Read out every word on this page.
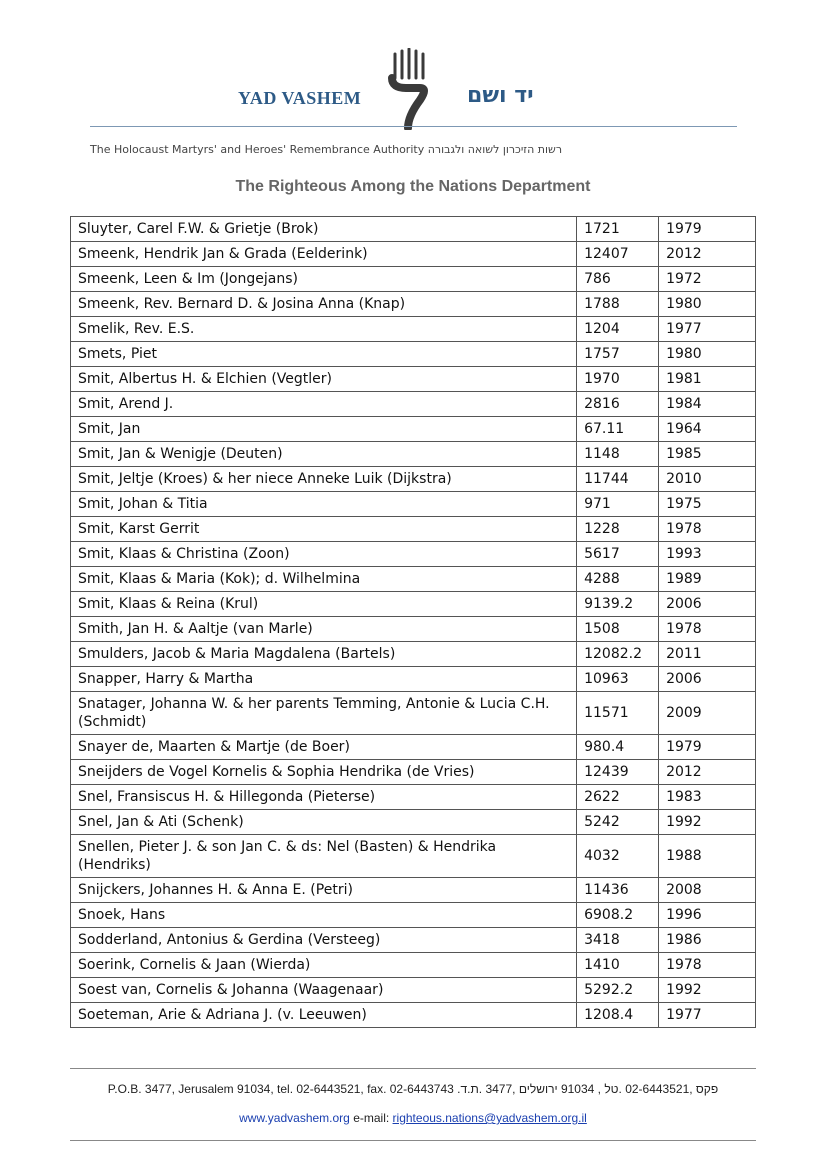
YAD VASHEM	יד ושם
The Holocaust Martyrs' and Heroes' Remembrance Authority רשות הזיכרון לשואה ולגבורה
The Righteous Among the Nations Department
Sluyter, Carel F.W. & Grietje (Brok)	1721	1979
Smeenk, Hendrik Jan & Grada (Eelderink)	12407	2012
Smeenk, Leen & Im (Jongejans)	786	1972
Smeenk, Rev. Bernard D. & Josina Anna (Knap)	1788	1980
Smelik, Rev. E.S.	1204	1977
Smets, Piet	1757	1980
Smit, Albertus H. & Elchien (Vegtler)	1970	1981
Smit, Arend J.	2816	1984
Smit, Jan	67.11	1964
Smit, Jan & Wenigje (Deuten)	1148	1985
Smit, Jeltje (Kroes) & her niece Anneke Luik (Dijkstra)	11744	2010
Smit, Johan & Titia	971	1975
Smit, Karst Gerrit	1228	1978
Smit, Klaas & Christina (Zoon)	5617	1993
Smit, Klaas & Maria (Kok); d. Wilhelmina	4288	1989
Smit, Klaas & Reina (Krul)	9139.2	2006
Smith, Jan H. & Aaltje (van Marle)	1508	1978
Smulders, Jacob & Maria Magdalena (Bartels)	12082.2	2011
Snapper, Harry & Martha	10963	2006
Snatager, Johanna W. & her parents Temming, Antonie & Lucia C.H. (Schmidt)	11571	2009
Snayer de, Maarten & Martje (de Boer)	980.4	1979
Sneijders de Vogel Kornelis & Sophia Hendrika (de Vries)	12439	2012
Snel, Fransiscus H. & Hillegonda (Pieterse)	2622	1983
Snel, Jan & Ati (Schenk)	5242	1992
Snellen, Pieter J. & son Jan C. & ds: Nel (Basten) & Hendrika (Hendriks)	4032	1988
Snijckers, Johannes H. & Anna E. (Petri)	11436	2008
Snoek, Hans	6908.2	1996
Sodderland, Antonius & Gerdina (Versteeg)	3418	1986
Soerink, Cornelis & Jaan (Wierda)	1410	1978
Soest van, Cornelis & Johanna (Waagenaar)	5292.2	1992
Soeteman, Arie & Adriana J. (v. Leeuwen)	1208.4	1977
P.O.B. 3477, Jerusalem 91034, tel. 02-6443521, fax. 02-6443743 .פקס ,02-6443521 .טל , 91034 ירושלים ,3477 .ת.ד
www.yadvashem.org e-mail: righteous.nations@yadvashem.org.il
